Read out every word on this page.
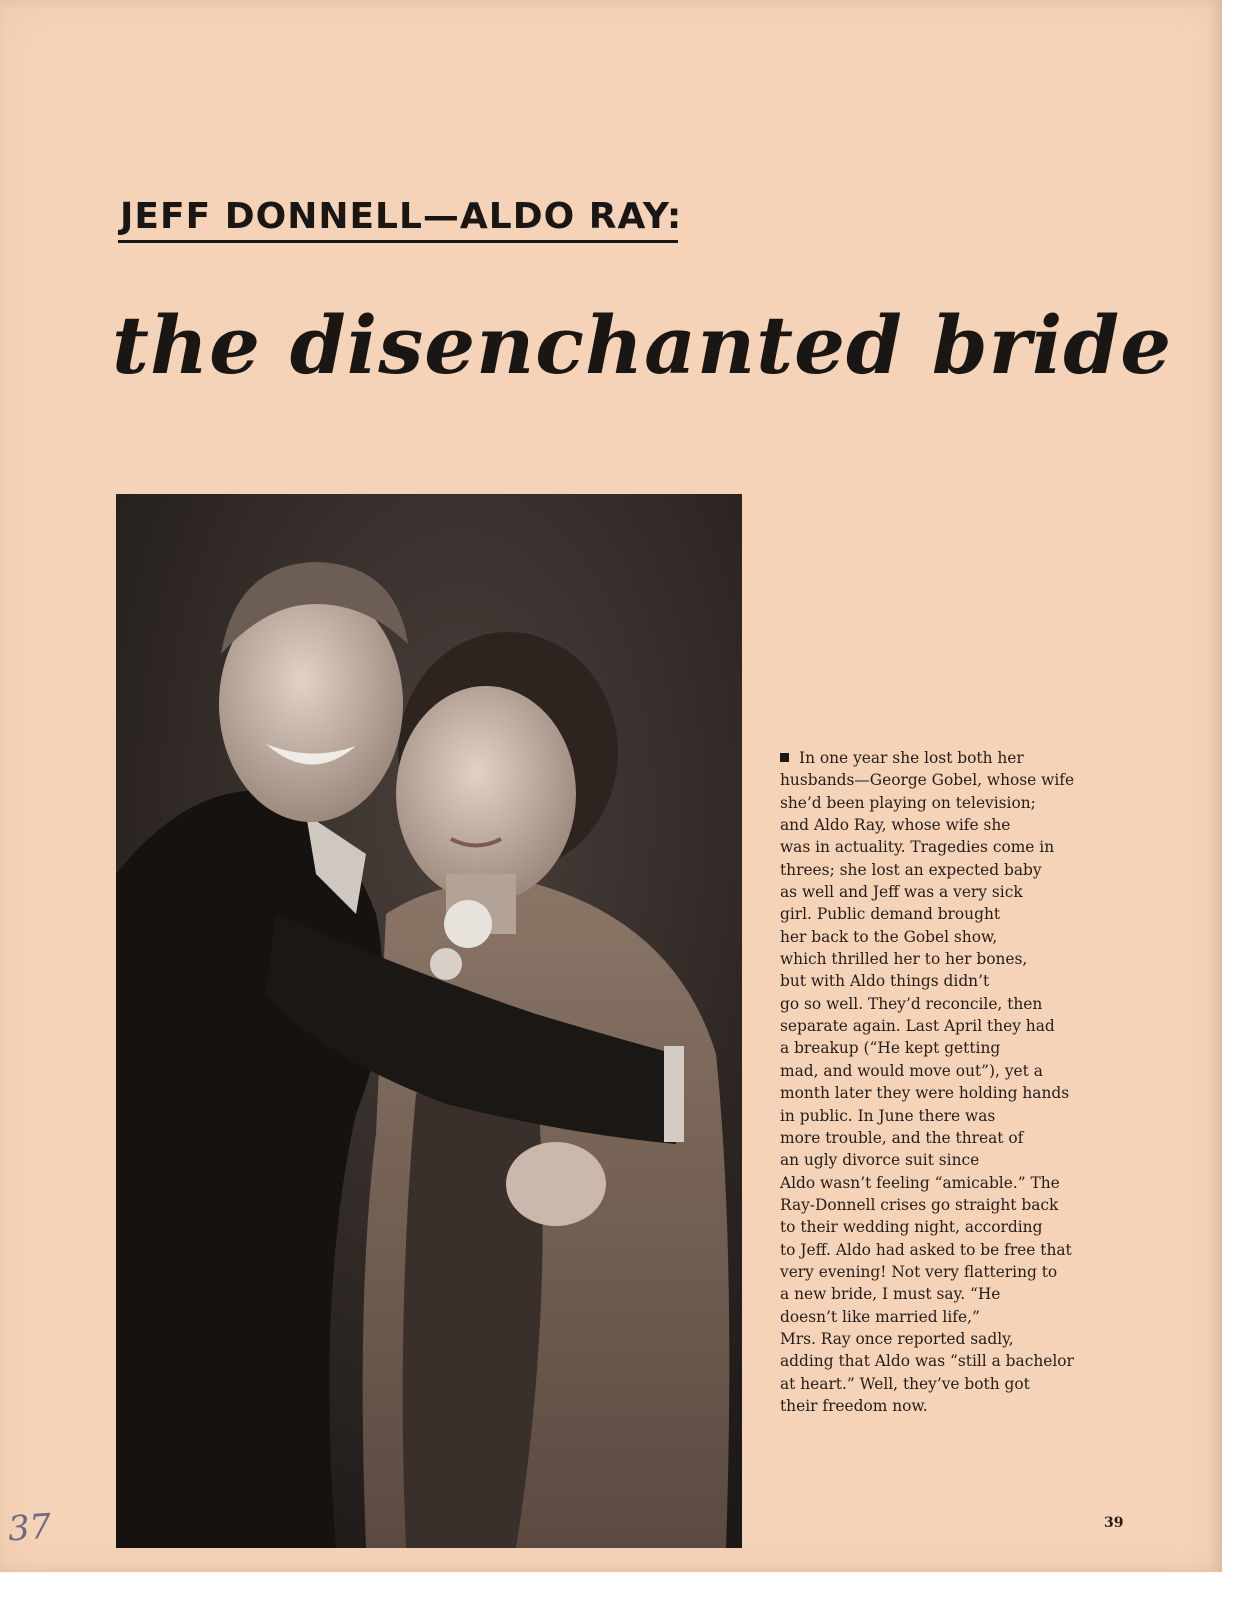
JEFF DONNELL—ALDO RAY:
the disenchanted bride
In one year she lost both her
husbands—George Gobel, whose wife
she’d been playing on television;
and Aldo Ray, whose wife she
was in actuality. Tragedies come in
threes; she lost an expected baby
as well and Jeff was a very sick
girl. Public demand brought
her back to the Gobel show,
which thrilled her to her bones,
but with Aldo things didn’t
go so well. They’d reconcile, then
separate again. Last April they had
a breakup (“He kept getting
mad, and would move out”), yet a
month later they were holding hands
in public. In June there was
more trouble, and the threat of
an ugly divorce suit since
Aldo wasn’t feeling “amicable.” The
Ray-Donnell crises go straight back
to their wedding night, according
to Jeff. Aldo had asked to be free that
very evening! Not very flattering to
a new bride, I must say. “He
doesn’t like married life,”
Mrs. Ray once reported sadly,
adding that Aldo was “still a bachelor
at heart.” Well, they’ve both got
their freedom now.
39
37
